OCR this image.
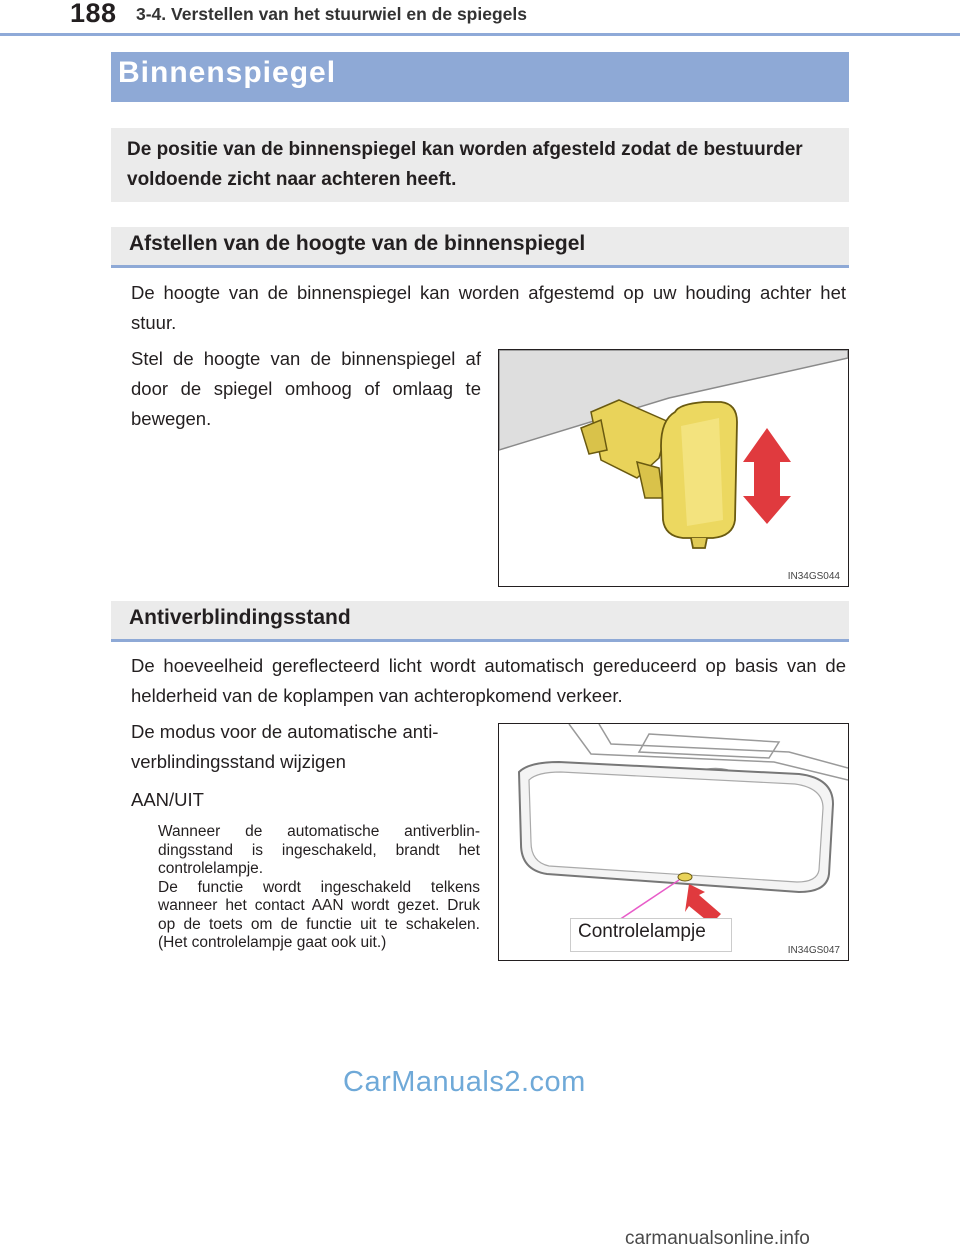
188 3-4. Verstellen van het stuurwiel en de spiegels
Binnenspiegel
De positie van de binnenspiegel kan worden afgesteld zodat de bestuurder voldoende zicht naar achteren heeft.
Afstellen van de hoogte van de binnenspiegel
De hoogte van de binnenspiegel kan worden afgestemd op uw houding achter het stuur.
Stel de hoogte van de binnenspiegel af door de spiegel omhoog of omlaag te bewegen.
IN34GS044
Antiverblindingsstand
De hoeveelheid gereflecteerd licht wordt automatisch gereduceerd op basis van de helderheid van de koplampen van achteropkomend verkeer.
De modus voor de automatische anti- verblindingsstand wijzigen
AAN/UIT

Wanneer de automatische antiverblin- dingsstand is ingeschakeld, brandt het controlelampje.

De functie wordt ingeschakeld telkens wanneer het contact AAN wordt gezet. Druk op de toets om de functie uit te schakelen. (Het controlelampje gaat ook uit.)	IN34GS047
Controlelampje
CarManuals2.com
carmanualsonline.info
